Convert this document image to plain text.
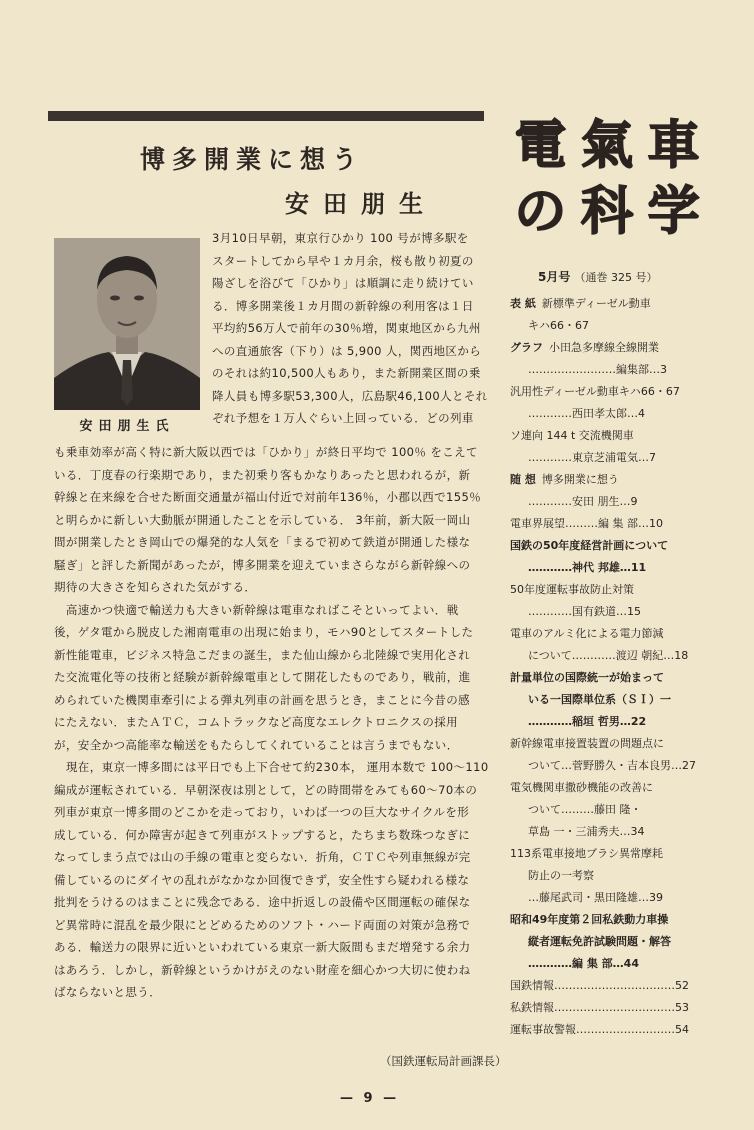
博多開業に想う
安田朋生
安田朋生氏

3月10日早朝，東京行ひかり 100 号が博多駅を

スタートしてから早や１カ月余，桜も散り初夏の

陽ざしを浴びて「ひかり」は順調に走り続けてい

る．博多開業後１カ月間の新幹線の利用客は１日

平均約56万人で前年の30％増，関東地区から九州

への直通旅客（下り）は 5,900 人，関西地区から

のそれは約10,500人もあり，また新開業区間の乗

降人員も博多駅53,300人，広島駅46,100人とそれ

ぞれ予想を１万人ぐらい上回っている．どの列車

も乗車効率が高く特に新大阪以西では「ひかり」が終日平均で 100％ をこえて

いる．丁度春の行楽期であり，また初乗り客もかなりあったと思われるが，新

幹線と在来線を合せた断面交通量が福山付近で対前年136％，小郡以西で155％

と明らかに新しい大動脈が開通したことを示している． 3年前，新大阪一岡山

間が開業したとき岡山での爆発的な人気を「まるで初めて鉄道が開通した様な

騒ぎ」と評した新聞があったが，博多開業を迎えていまさらながら新幹線への

期待の大きさを知らされた気がする．

　高速かつ快適で輸送力も大きい新幹線は電車なればこそといってよい．戦

後，ゲタ電から脱皮した湘南電車の出現に始まり，モハ90としてスタートした

新性能電車，ビジネス特急こだまの誕生，また仙山線から北陸線で実用化され

た交流電化等の技術と経験が新幹線電車として開花したものであり，戦前，進

められていた機関車牽引による弾丸列車の計画を思うとき，まことに今昔の感

にたえない．またＡＴＣ，コムトラックなど高度なエレクトロニクスの採用

が，安全かつ高能率な輸送をもたらしてくれていることは言うまでもない．

　現在，東京一博多間には平日でも上下合せて約230本， 運用本数で 100～110

編成が運転されている．早朝深夜は別として，どの時間帯をみても60～70本の

列車が東京一博多間のどこかを走っており，いわば一つの巨大なサイクルを形

成している．何か障害が起きて列車がストップすると，たちまち数珠つなぎに

なってしまう点では山の手線の電車と変らない．折角，ＣＴＣや列車無線が完

備しているのにダイヤの乱れがなかなか回復できず，安全性すら疑われる様な

批判をうけるのはまことに残念である．途中折返しの設備や区間運転の確保な

ど異常時に混乱を最少限にとどめるためのソフト・ハード両面の対策が急務で

ある．輸送力の限界に近いといわれている東京一新大阪間もまだ増発する余力

はあろう．しかし，新幹線というかけがえのない財産を細心かつ大切に使わね

ばならないと思う．

（国鉄運転局計画課長）
— 9 —
電 氣 車
の 科 学
5月号 （通巻 325 号）
表 紙 新標準ディーゼル動車
キハ66・67
グラフ 小田急多摩線全線開業
……………………編集部…3
汎用性ディーゼル動車キハ66・67
…………西田孝太郎…4
ソ連向 144 t 交流機関車
…………東京芝浦電気…7
随 想 博多開業に想う
…………安田 朋生…9
電車界展望………編 集 部…10
国鉄の50年度経営計画について
…………神代 邦雄…11
50年度運転事故防止対策
…………国有鉄道…15
電車のアルミ化による電力節減
について…………渡辺 朝紀…18
計量単位の国際統一が始まって
いる一国際単位系（ＳＩ）一
…………稲垣 哲男…22
新幹線電車接置装置の問題点に
ついて…菅野勝久・吉本良男…27
電気機関車撒砂機能の改善に
ついて………藤田 隆・
草島 一・三浦秀夫…34
113系電車接地ブラシ異常摩耗
防止の一考察
…藤尾武司・黒田隆雄…39
昭和49年度第２回私鉄動力車操
縦者運転免許試験問題・解答
…………編 集 部…44
国鉄情報……………………………52
私鉄情報……………………………53
運転事故警報………………………54
